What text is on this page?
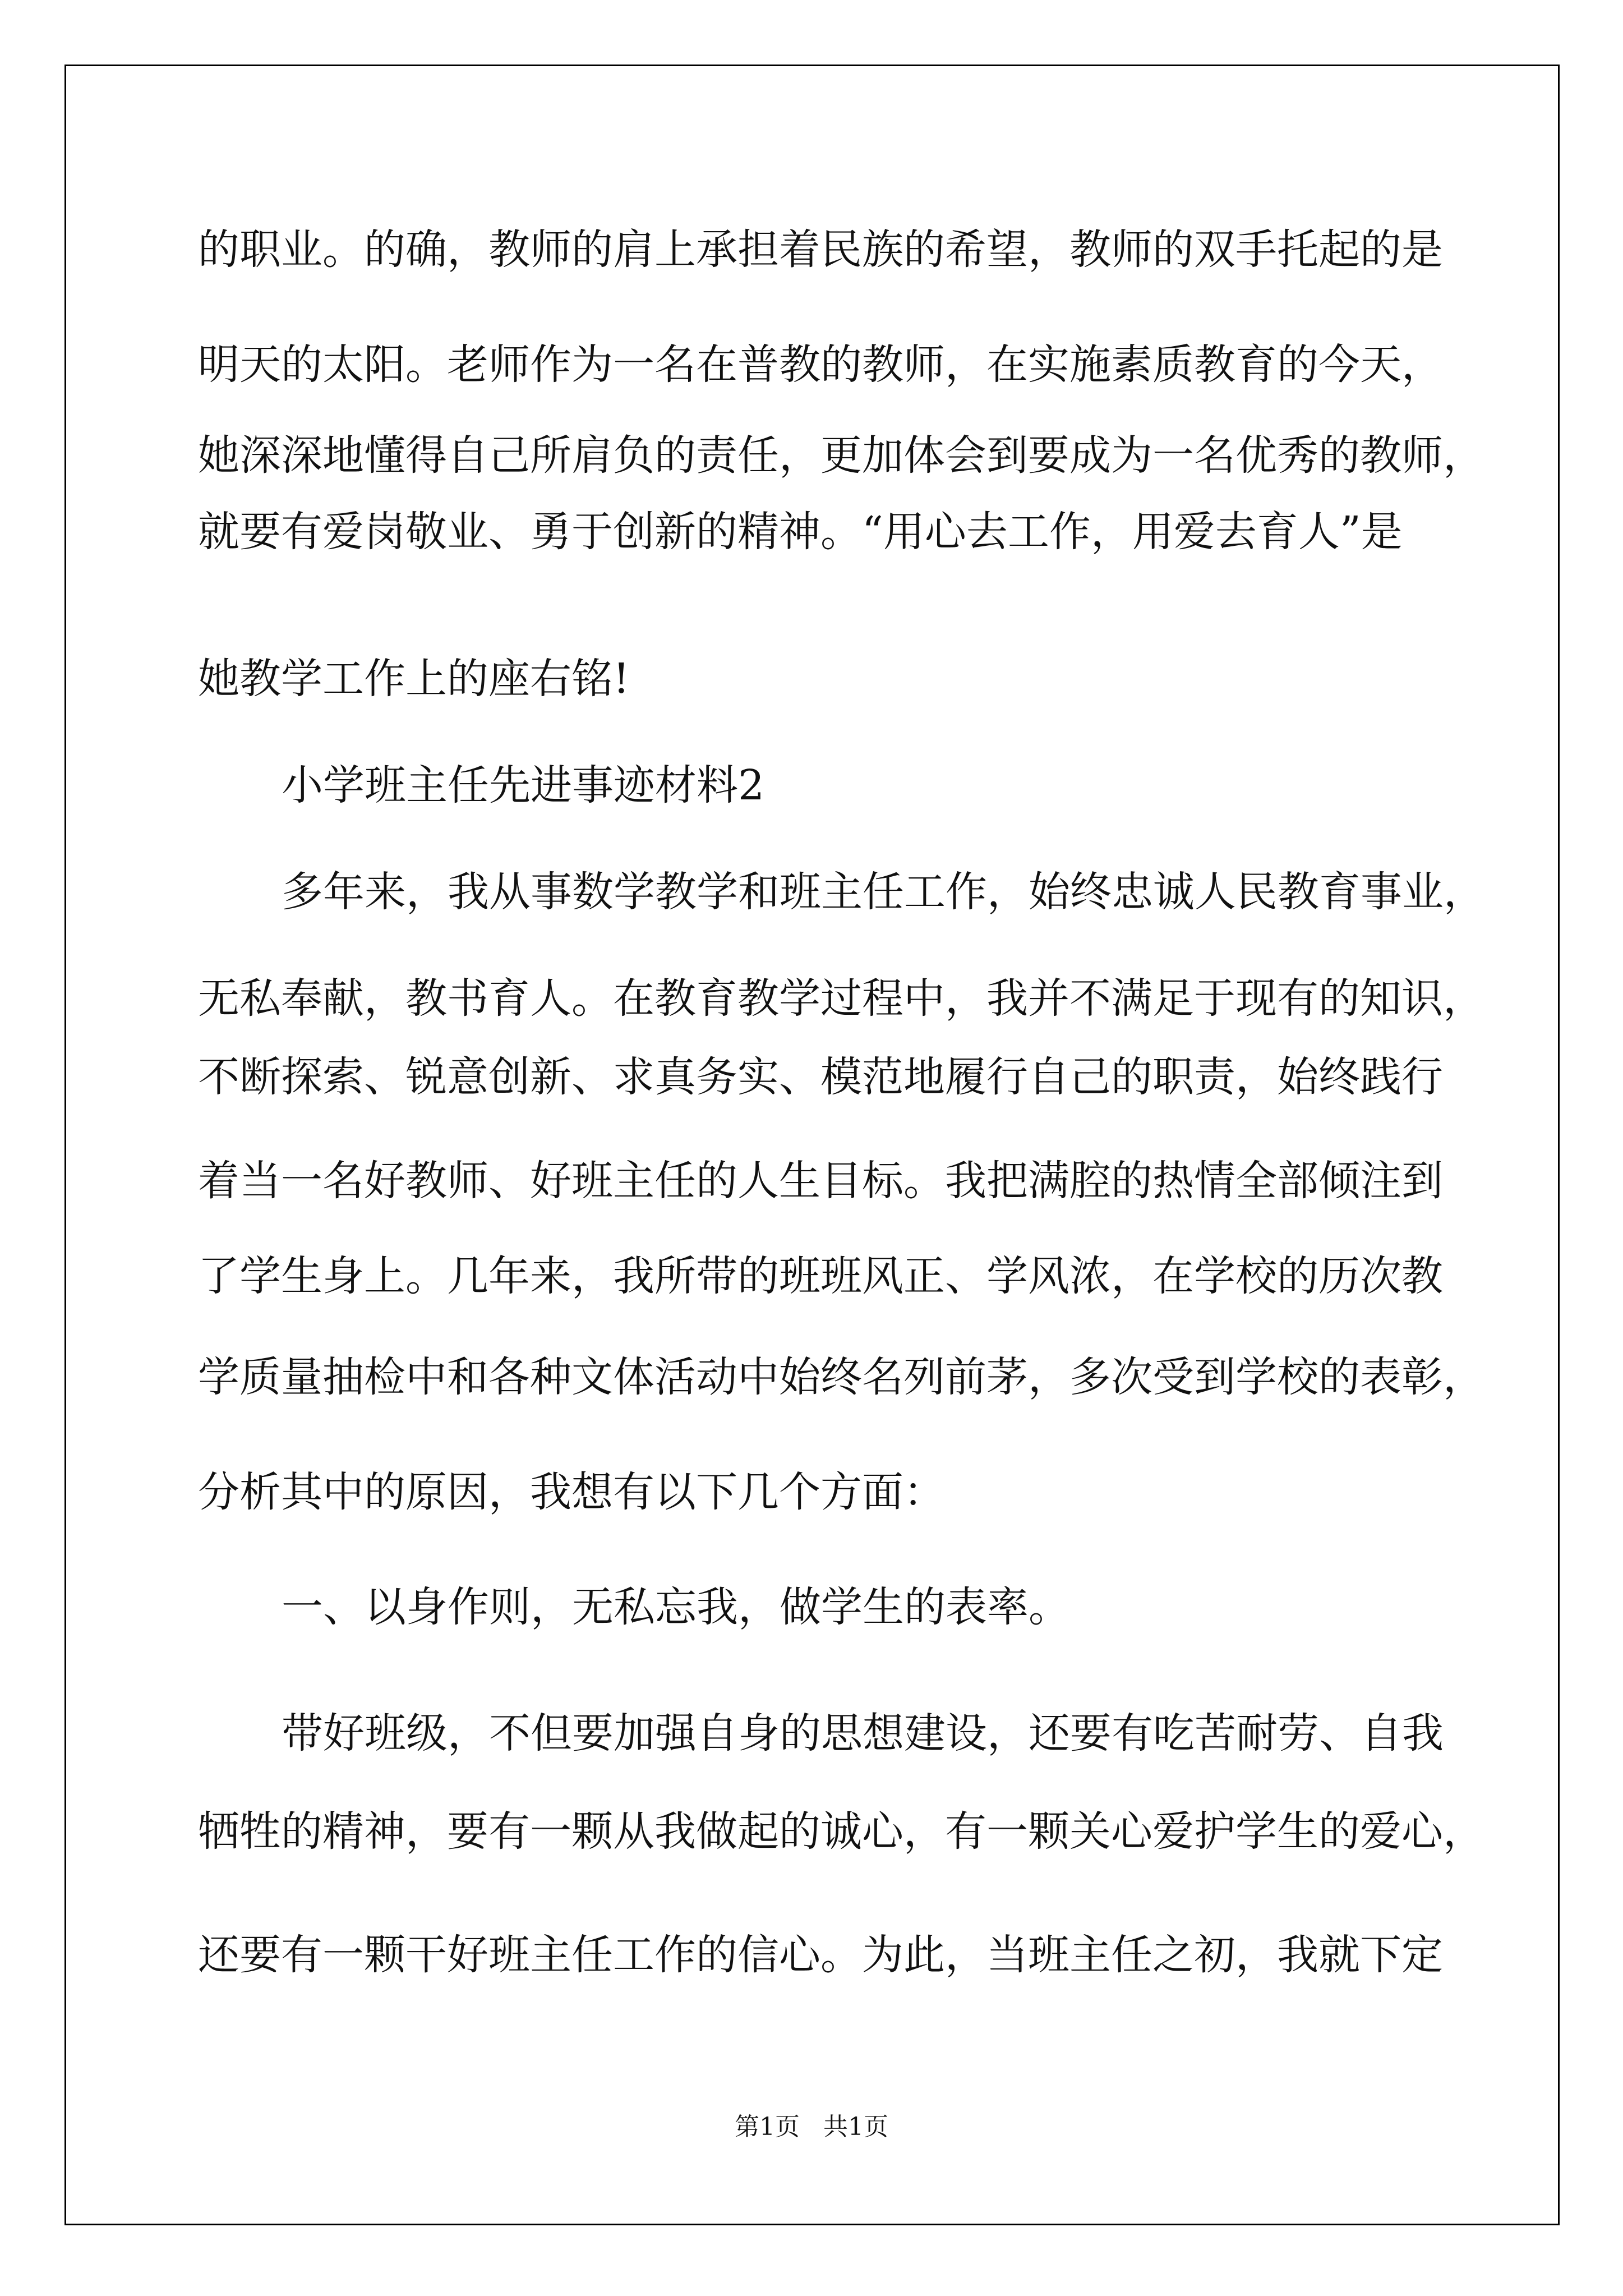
的职业。的确，教师的肩上承担着民族的希望，教师的双手托起的是
明天的太阳。老师作为一名在普教的教师，在实施素质教育的今天，
她深深地懂得自己所肩负的责任，更加体会到要成为一名优秀的教师，
就要有爱岗敬业、勇于创新的精神。“用心去工作，用爱去育人”是
她教学工作上的座右铭!
小学班主任先进事迹材料2
多年来，我从事数学教学和班主任工作，始终忠诚人民教育事业，
无私奉献，教书育人。在教育教学过程中，我并不满足于现有的知识，
不断探索、锐意创新、求真务实、模范地履行自己的职责，始终践行
着当一名好教师、好班主任的人生目标。我把满腔的热情全部倾注到
了学生身上。几年来，我所带的班班风正、学风浓，在学校的历次教
学质量抽检中和各种文体活动中始终名列前茅，多次受到学校的表彰，
分析其中的原因，我想有以下几个方面：
一、以身作则，无私忘我，做学生的表率。
带好班级，不但要加强自身的思想建设，还要有吃苦耐劳、自我
牺牲的精神，要有一颗从我做起的诚心，有一颗关心爱护学生的爱心，
还要有一颗干好班主任工作的信心。为此，当班主任之初，我就下定
第1页   共1页
